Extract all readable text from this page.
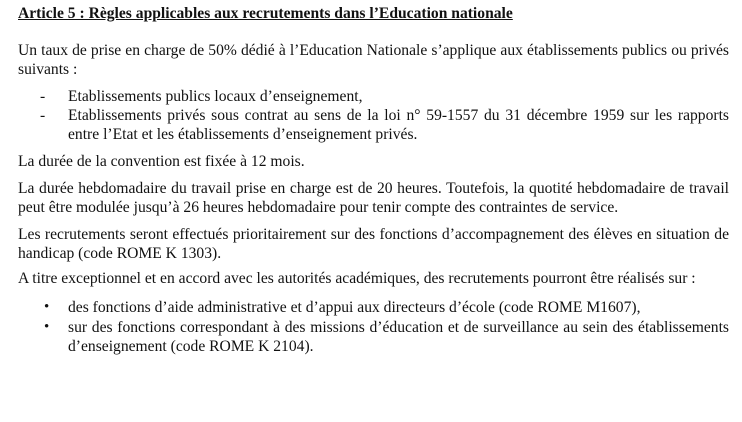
Article 5 : Règles applicables aux recrutements dans l’Education nationale

Un taux de prise en charge de 50% dédié à l’Education Nationale s’applique aux établissements publics ou privés suivants :

- Etablissements publics locaux d’enseignement,
- Etablissements privés sous contrat au sens de la loi n° 59-1557 du 31 décembre 1959 sur les rapports entre l’Etat et les établissements d’enseignement privés.

La durée de la convention est fixée à 12 mois.

La durée hebdomadaire du travail prise en charge est de 20 heures. Toutefois, la quotité hebdomadaire de travail peut être modulée jusqu’à 26 heures hebdomadaire pour tenir compte des contraintes de service.

Les recrutements seront effectués prioritairement sur des fonctions d’accompagnement des élèves en situation de handicap (code ROME K 1303).

A titre exceptionnel et en accord avec les autorités académiques, des recrutements pourront être réalisés sur :

• des fonctions d’aide administrative et d’appui aux directeurs d’école (code ROME M1607),
• sur des fonctions correspondant à des missions d’éducation et de surveillance au sein des établissements d’enseignement (code ROME K 2104).
